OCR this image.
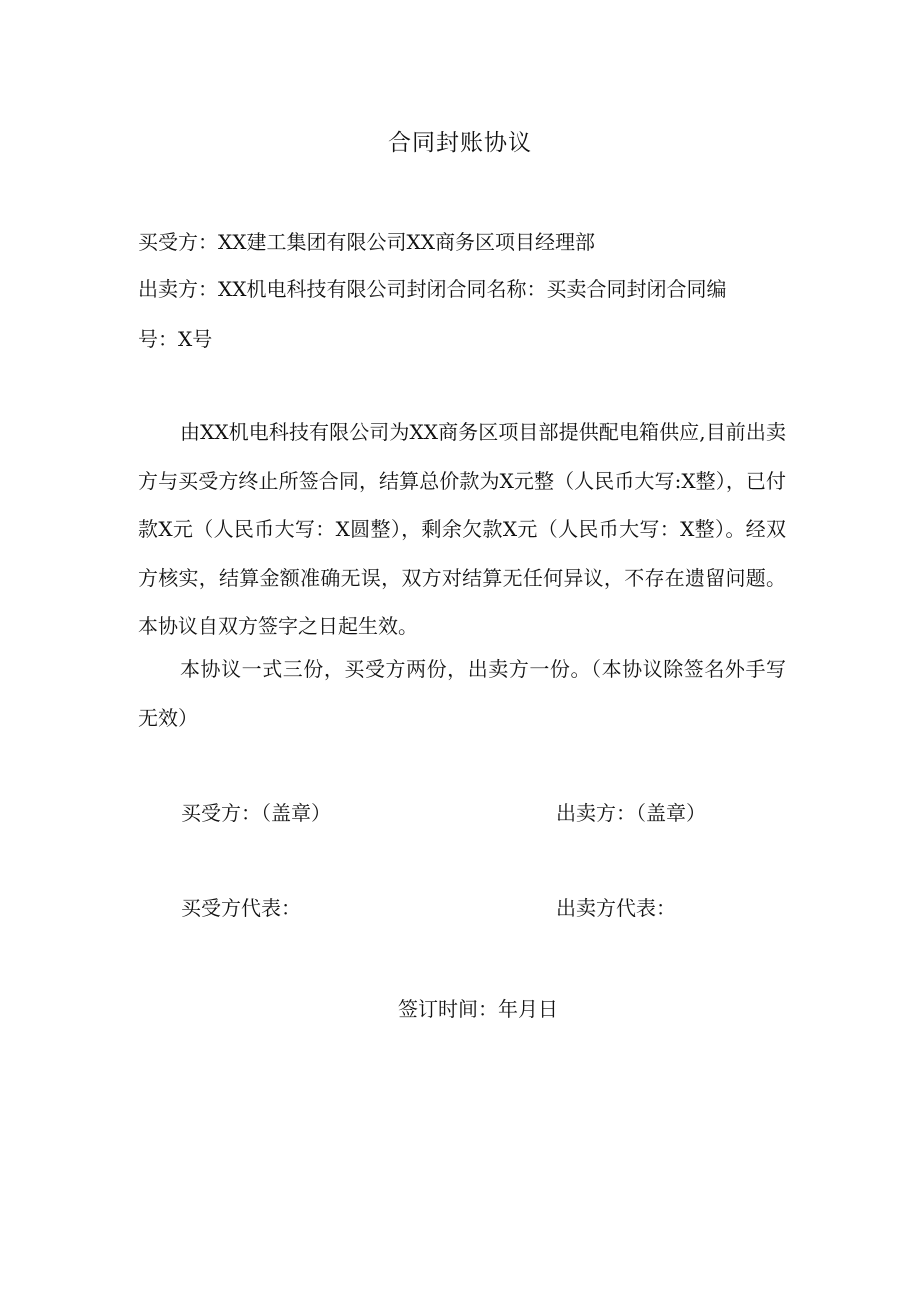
合同封账协议
买受方：XX建工集团有限公司XX商务区项目经理部
出卖方：XX机电科技有限公司封闭合同名称：买卖合同封闭合同编
号：X号
由XX机电科技有限公司为XX商务区项目部提供配电箱供应,目前出卖方与买受方终止所签合同，结算总价款为X元整（人民币大写:X整），已付款X元（人民币大写：X圆整），剩余欠款X元（人民币大写：X整）。经双方核实，结算金额准确无误，双方对结算无任何异议，不存在遗留问题。本协议自双方签字之日起生效。
本协议一式三份，买受方两份，出卖方一份。（本协议除签名外手写无效）
买受方：（盖章）	出卖方：（盖章）
买受方代表：	出卖方代表：
签订时间：年月日
